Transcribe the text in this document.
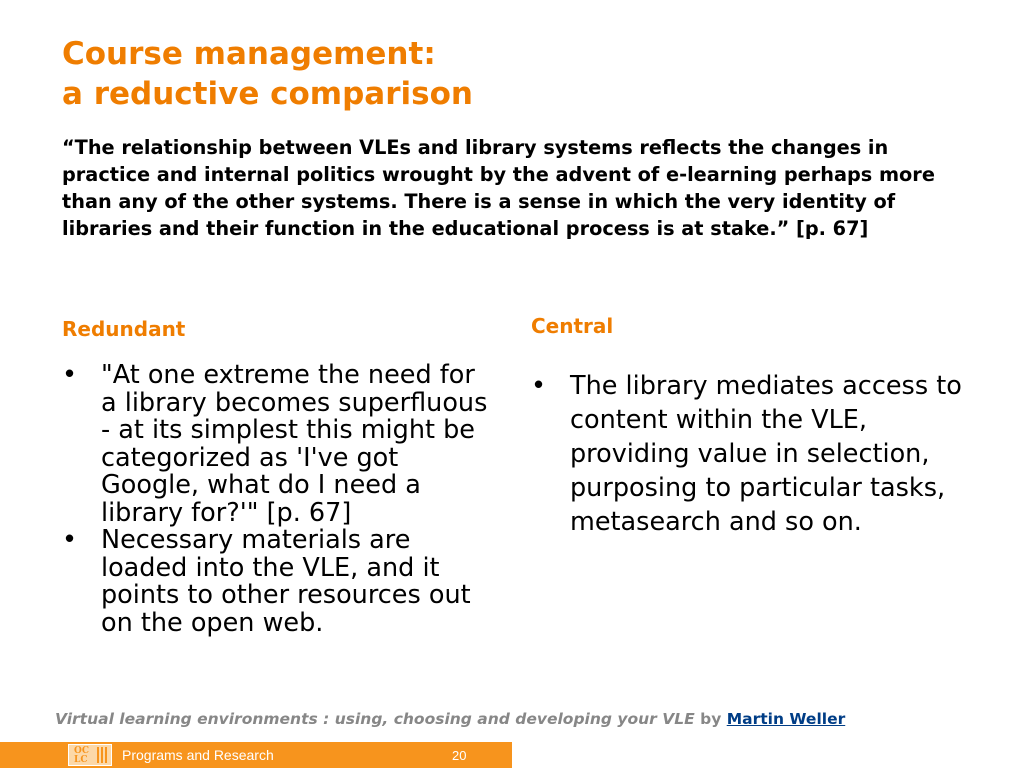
Course management:
a reductive comparison

“The relationship between VLEs and library systems reflects the changes in practice and internal politics wrought by the advent of e-learning perhaps more than any of the other systems. There is a sense in which the very identity of libraries and their function in the educational process is at stake.” [p. 67]

Redundant
• "At one extreme the need for a library becomes superfluous - at its simplest this might be categorized as 'I've got Google, what do I need a library for?'" [p. 67]
• Necessary materials are loaded into the VLE, and it points to other resources out on the open web.
Central
• The library mediates access to content within the VLE, providing value in selection, purposing to particular tasks, metasearch and so on.

Virtual learning environments : using, choosing and developing your VLE by Martin Weller

OC
LC Programs and Research	20
